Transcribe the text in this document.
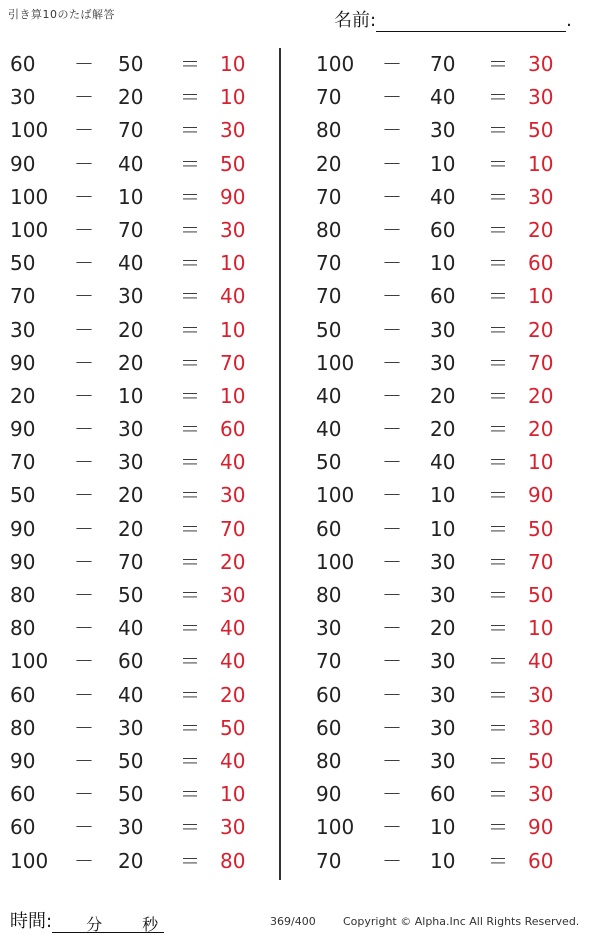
引き算10のたば解答	名前:	.
60	－ 50	＝ 10
30	－ 20	＝ 10
100 － 70	＝ 30
90	－ 40	＝ 50
100 － 10	＝ 90
100 － 70	＝ 30
50	－ 40	＝ 10
70	－ 30	＝ 40
30	－ 20	＝ 10
90	－ 20	＝ 70
20	－ 10	＝ 10
90	－ 30	＝ 60
70	－ 30	＝ 40
50	－ 20	＝ 30
90	－ 20	＝ 70
90	－ 70	＝ 20
80	－ 50	＝ 30
80	－ 40	＝ 40
100 － 60	＝ 40
60	－ 40	＝ 20
80	－ 30	＝ 50
90	－ 50	＝ 40
60	－ 50	＝ 10
60	－ 30	＝ 30
100 － 20	＝ 80
100 － 70	＝ 30
70	－ 40	＝ 30
80	－ 30	＝ 50
20	－ 10	＝ 10
70	－ 40	＝ 30
80	－ 60	＝ 20
70	－ 10	＝ 60
70	－ 60	＝ 10
50	－ 30	＝ 20
100 － 30	＝ 70
40	－ 20	＝ 20
40	－ 20	＝ 20
50	－ 40	＝ 10
100 － 10	＝ 90
60	－ 10	＝ 50
100 － 30	＝ 70
80	－ 30	＝ 50
30	－ 20	＝ 10
70	－ 30	＝ 40
60	－ 30	＝ 30
60	－ 30	＝ 30
80	－ 30	＝ 50
90	－ 60	＝ 30
100 － 10	＝ 90
70	－ 10	＝ 60
時間: 分 秒	369/400 Copyright © Alpha.Inc All Rights Reserved.
